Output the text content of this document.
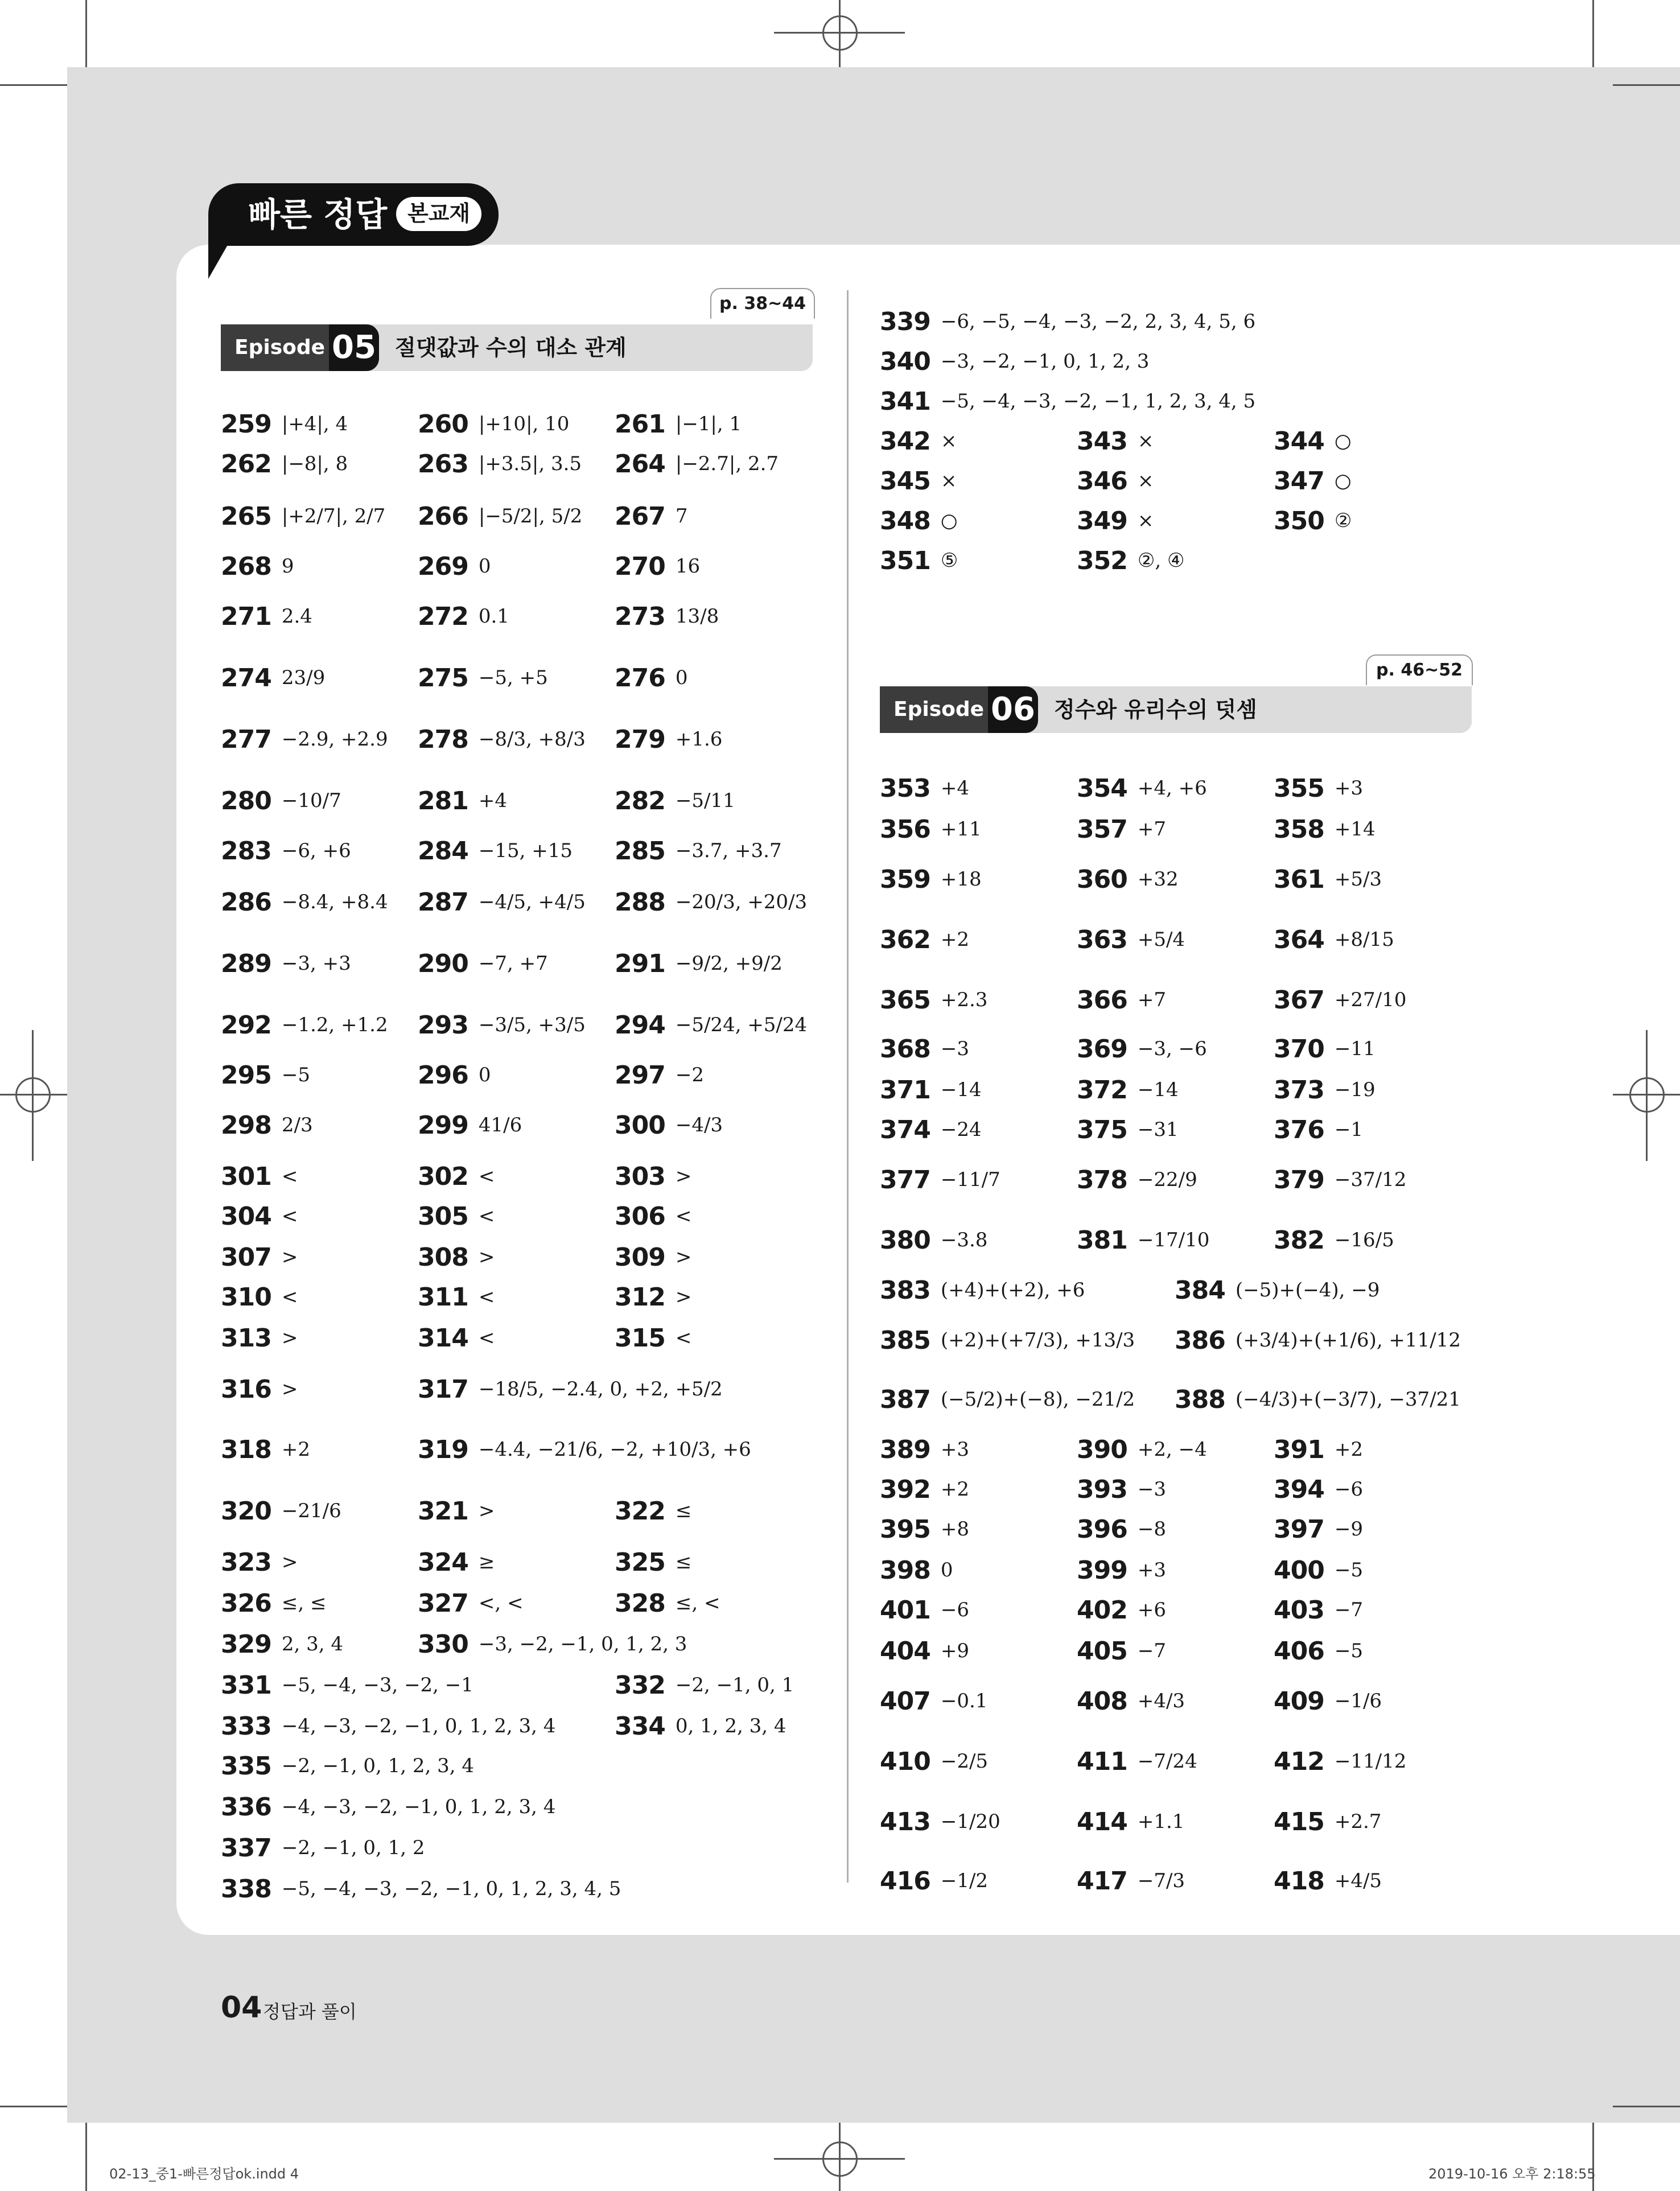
빠른 정답 본교재
p. 38~44
Episode 05 절댓값과 수의 대소 관계
p. 46~52
Episode 06 정수와 유리수의 덧셈
259 |+4|, 4	260 |+10|, 10 261 |−1|, 1
262 |−8|, 8	263 |+3.5|, 3.5 264 |−2.7|, 2.7
265 |+2/7|, 2/7 266 |−5/2|, 5/2 267 7
268 9	269 0	270 16
271 2.4	272 0.1	273 13/8
274 23/9	275 −5, +5	276 0
277 −2.9, +2.9 278 −8/3, +8/3 279 +1.6
280 −10/7	281 +4	282 −5/11
283 −6, +6	284 −15, +15 285 −3.7, +3.7
286 −8.4, +8.4 287 −4/5, +4/5 288 −20/3, +20/3
289 −3, +3	290 −7, +7	291 −9/2, +9/2
292 −1.2, +1.2 293 −3/5, +3/5 294 −5/24, +5/24
295 −5	296 0	297 −2
298 2/3	299 41/6	300 −4/3
301 <	302 <	303 >
304 <	305 <	306 <
307 >	308 >	309 >
310 <	311 <	312 >
313 >	314 <	315 <
316 >	317 −18/5, −2.4, 0, +2, +5/2
318 +2	319 −4.4, −21/6, −2, +10/3, +6
320 −21/6	321 >	322 ≤
323 >	324 ≥	325 ≤
326 ≤, ≤	327 <, <	328 ≤, <
329 2, 3, 4	330 −3, −2, −1, 0, 1, 2, 3
331 −5, −4, −3, −2, −1	332 −2, −1, 0, 1
333 −4, −3, −2, −1, 0, 1, 2, 3, 4 334 0, 1, 2, 3, 4
335 −2, −1, 0, 1, 2, 3, 4
336 −4, −3, −2, −1, 0, 1, 2, 3, 4
337 −2, −1, 0, 1, 2
338 −5, −4, −3, −2, −1, 0, 1, 2, 3, 4, 5
339 −6, −5, −4, −3, −2, 2, 3, 4, 5, 6
340 −3, −2, −1, 0, 1, 2, 3
341 −5, −4, −3, −2, −1, 1, 2, 3, 4, 5
342 ×	343 ×	344 ○
345 ×	346 ×	347 ○
348 ○	349 ×	350 ②
351 ⑤	352 ②, ④
353 +4	354 +4, +6	355 +3
356 +11	357 +7	358 +14
359 +18	360 +32	361 +5/3
362 +2	363 +5/4	364 +8/15
365 +2.3	366 +7	367 +27/10
368 −3	369 −3, −6	370 −11
371 −14	372 −14	373 −19
374 −24	375 −31	376 −1
377 −11/7	378 −22/9	379 −37/12
380 −3.8	381 −17/10	382 −16/5
383 (+4)+(+2), +6	384 (−5)+(−4), −9
385 (+2)+(+7/3), +13/3 386 (+3/4)+(+1/6), +11/12
387 (−5/2)+(−8), −21/2 388 (−4/3)+(−3/7), −37/21
389 +3	390 +2, −4	391 +2
392 +2	393 −3	394 −6
395 +8	396 −8	397 −9
398 0	399 +3	400 −5
401 −6	402 +6	403 −7
404 +9	405 −7	406 −5
407 −0.1	408 +4/3	409 −1/6
410 −2/5	411 −7/24	412 −11/12
413 −1/20	414 +1.1	415 +2.7
416 −1/2	417 −7/3	418 +4/5
04 정답과 풀이
02-13_중1-빠른정답ok.indd 4	2019-10-16 오후 2:18:55
